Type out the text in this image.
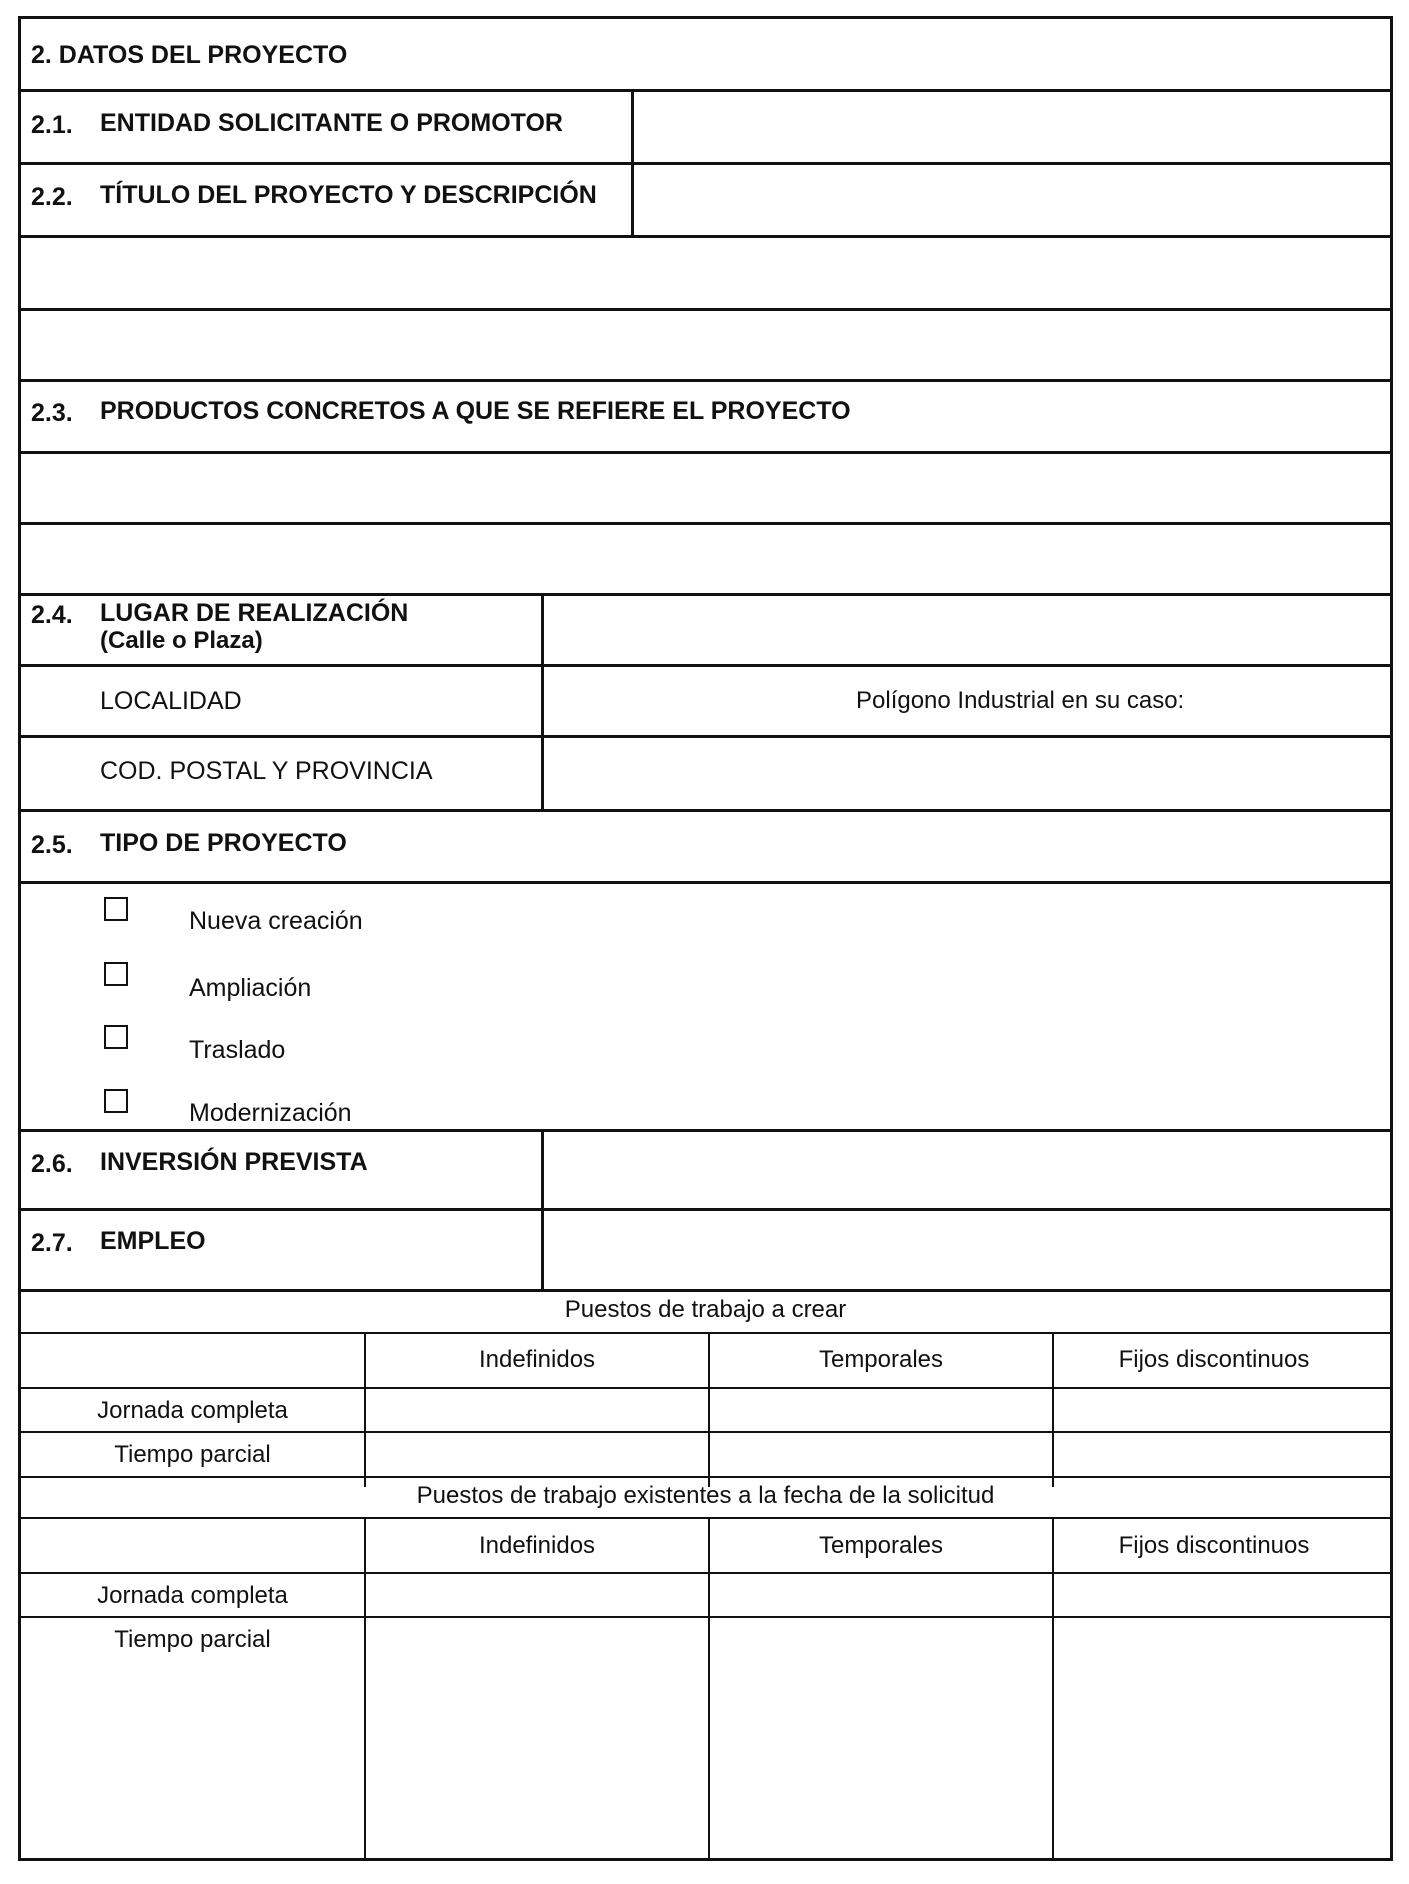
2. DATOS DEL PROYECTO
2.1. ENTIDAD SOLICITANTE O PROMOTOR
2.2. TÍTULO DEL PROYECTO Y DESCRIPCIÓN
2.3. PRODUCTOS CONCRETOS A QUE SE REFIERE EL PROYECTO
2.4. LUGAR DE REALIZACIÓN
(Calle o Plaza)
LOCALIDAD	Polígono Industrial en su caso:
COD. POSTAL Y PROVINCIA
2.5. TIPO DE PROYECTO
Nueva creación
Ampliación
Traslado
Modernización
2.6. INVERSIÓN PREVISTA
2.7. EMPLEO
Puestos de trabajo a crear
Indefinidos	Temporales	Fijos discontinuos
Jornada completa
Tiempo parcial
Puestos de trabajo existentes a la fecha de la solicitud
Indefinidos	Temporales	Fijos discontinuos
Jornada completa
Tiempo parcial
